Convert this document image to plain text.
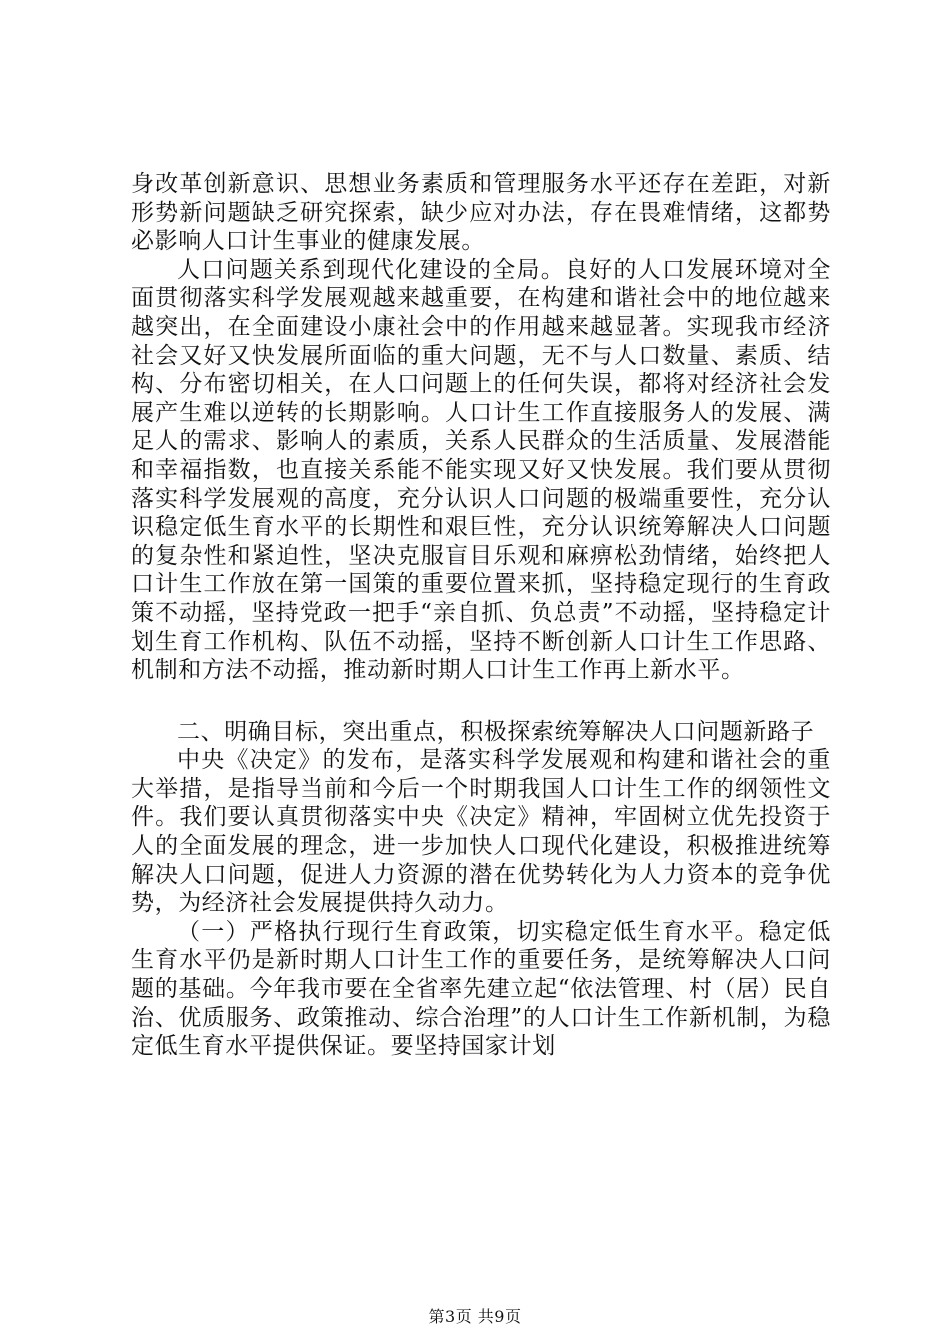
身改革创新意识、思想业务素质和管理服务水平还存在差距，对新形势新问题缺乏研究探索，缺少应对办法，存在畏难情绪，这都势必影响人口计生事业的健康发展。

人口问题关系到现代化建设的全局。良好的人口发展环境对全面贯彻落实科学发展观越来越重要，在构建和谐社会中的地位越来越突出，在全面建设小康社会中的作用越来越显著。实现我市经济社会又好又快发展所面临的重大问题，无不与人口数量、素质、结构、分布密切相关，在人口问题上的任何失误，都将对经济社会发展产生难以逆转的长期影响。人口计生工作直接服务人的发展、满足人的需求、影响人的素质，关系人民群众的生活质量、发展潜能和幸福指数，也直接关系能不能实现又好又快发展。我们要从贯彻落实科学发展观的高度，充分认识人口问题的极端重要性，充分认识稳定低生育水平的长期性和艰巨性，充分认识统筹解决人口问题的复杂性和紧迫性，坚决克服盲目乐观和麻痹松劲情绪，始终把人口计生工作放在第一国策的重要位置来抓，坚持稳定现行的生育政策不动摇，坚持党政一把手“亲自抓、负总责”不动摇，坚持稳定计划生育工作机构、队伍不动摇，坚持不断创新人口计生工作思路、机制和方法不动摇，推动新时期人口计生工作再上新水平。

二、明确目标，突出重点，积极探索统筹解决人口问题新路子

中央《决定》的发布，是落实科学发展观和构建和谐社会的重大举措，是指导当前和今后一个时期我国人口计生工作的纲领性文件。我们要认真贯彻落实中央《决定》精神，牢固树立优先投资于人的全面发展的理念，进一步加快人口现代化建设，积极推进统筹解决人口问题，促进人力资源的潜在优势转化为人力资本的竞争优势，为经济社会发展提供持久动力。

（一）严格执行现行生育政策，切实稳定低生育水平。稳定低生育水平仍是新时期人口计生工作的重要任务，是统筹解决人口问题的基础。今年我市要在全省率先建立起“依法管理、村（居）民自治、优质服务、政策推动、综合治理”的人口计生工作新机制，为稳定低生育水平提供保证。要坚持国家计划

第3页 共9页
